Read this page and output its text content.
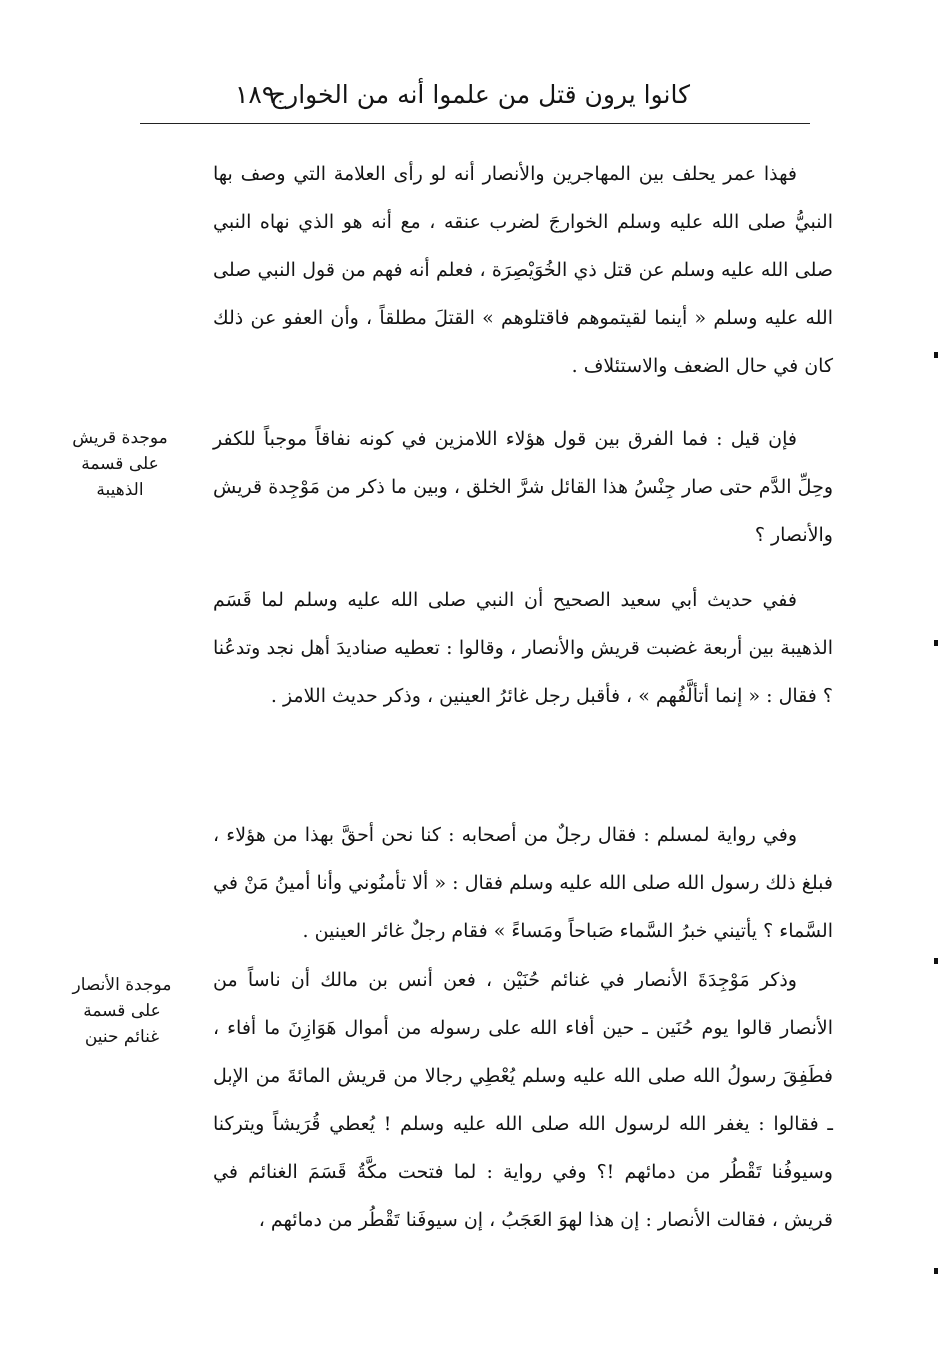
كانوا يرون قتل من علموا أنه من الخوارج
١٨٩

فهذا عمر يحلف بين المهاجرين والأنصار أنه لو رأى العلامة التي وصف بها النبيُّ صلى الله عليه وسلم الخوارجَ لضرب عنقه ، مع أنه هو الذي نهاه النبي صلى الله عليه وسلم عن قتل ذي الخُوَيْصِرَة ، فعلم أنه فهم من قول النبي صلى الله عليه وسلم « أينما لقيتموهم فاقتلوهم » القتلَ مطلقاً ، وأن العفو عن ذلك كان في حال الضعف والاستئلاف .

فإن قيل : فما الفرق بين قول هؤلاء اللامزين في كونه نفاقاً موجباً للكفر وحِلِّ الدَّم حتى صار جِنْسُ هذا القائل شرَّ الخلق ، وبين ما ذكر من مَوْجِدة قريش والأنصار ؟

ففي حديث أبي سعيد الصحيح أن النبي صلى الله عليه وسلم لما قَسَم الذهيبة بين أربعة غضبت قريش والأنصار ، وقالوا : تعطيه صناديدَ أهل نجد وتدعُنا ؟ فقال : « إنما أتألَّفُهم » ، فأقبل رجل غائرُ العينين ، وذكر حديث اللامز .

وفي رواية لمسلم : فقال رجلٌ من أصحابه : كنا نحن أحقَّ بهذا من هؤلاء ، فبلغ ذلك رسول الله صلى الله عليه وسلم فقال : « ألا تأمنُوني وأنا أمينُ مَنْ في السَّماء ؟ يأتيني خبرُ السَّماء صَباحاً ومَساءً » فقام رجلٌ غائر العينين .

وذكر مَوْجِدَةَ الأنصار في غنائم حُنَيْن ، فعن أنس بن مالك أن ناساً من الأنصار قالوا يوم حُنَين ـ حين أفاء الله على رسوله من أموال هَوَازِنَ ما أفاء ، فطَفِقَ رسولُ الله صلى الله عليه وسلم يُعْطِي رجالا من قريش المائةَ من الإبل ـ فقالوا : يغفر الله لرسول الله صلى الله عليه وسلم ! يُعطي قُرَيشاً ويتركنا وسيوفُنا تَقْطُر من دمائهم !؟ وفي رواية : لما فتحت مكَّةُ قَسَمَ الغنائم في قريش ، فقالت الأنصار : إن هذا لهوَ العَجَبُ ، إن سيوفَنا تَقْطُر من دمائهم ،

موجدة قريش على قسمة الذهيبة
موجدة الأنصار على قسمة غنائم حنين
